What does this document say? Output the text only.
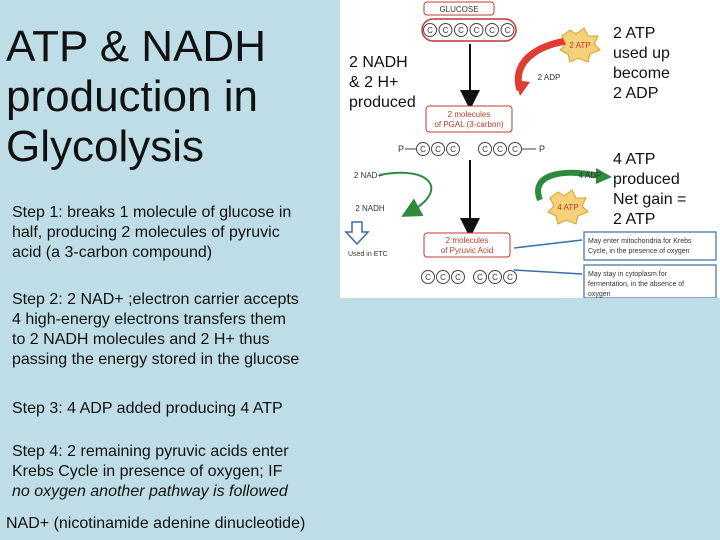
ATP & NADH
production in
Glycolysis
Step 1: breaks 1 molecule of glucose in
half, producing 2 molecules of pyruvic
acid (a 3-carbon compound)
Step 2: 2 NAD+ ;electron carrier accepts
4 high-energy electrons transfers them
to 2 NADH molecules and 2 H+ thus
passing the energy stored in the glucose
Step 3: 4 ADP added producing 4 ATP
Step 4: 2 remaining pyruvic acids enter
Krebs Cycle in presence of oxygen; IF
no oxygen another pathway is followed
NAD+ (nicotinamide adenine dinucleotide)
GLUCOSE
C C C C C C
2 ATP
2 ADP
2 molecules
of PGAL (3-carbon)
P C C C	C C C P
2 NAD+
2 NADH
4 ADP
4 ATP
Used in ETC
2 molecules
of Pyruvic Acid
C C C C C C
May enter mitochondria for Krebs
Cycle, in the presence of oxygen
May stay in cytoplasm for
fermentation, in the absence of
oxygen
2 NADH
& 2 H+
produced
2 ATP
used up
become
2 ADP
4 ATP
produced
Net gain =
2 ATP
